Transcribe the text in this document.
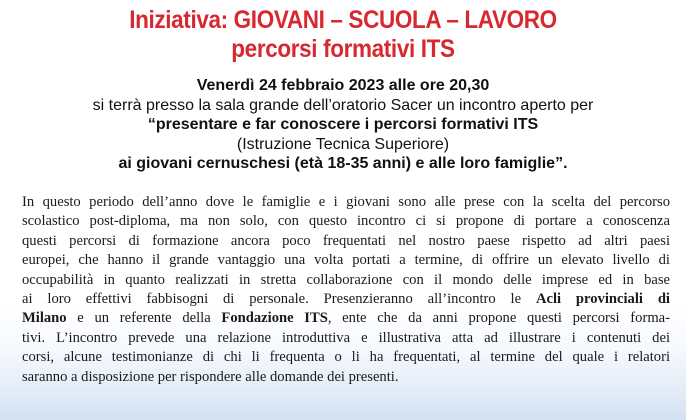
Iniziativa: GIOVANI – SCUOLA – LAVORO
percorsi formativi ITS
Venerdì 24 febbraio 2023 alle ore 20,30
si terrà presso la sala grande dell’oratorio Sacer un incontro aperto per
“presentare e far conoscere i percorsi formativi ITS
(Istruzione Tecnica Superiore)
ai giovani cernuschesi (età 18-35 anni) e alle loro famiglie”.

In questo periodo dell’anno dove le famiglie e i giovani sono alle prese con la scelta del percorso
scolastico post-diploma, ma non solo, con questo incontro ci si propone di portare a conoscenza
questi percorsi di formazione ancora poco frequentati nel nostro paese rispetto ad altri paesi
europei, che hanno il grande vantaggio una volta portati a termine, di offrire un elevato livello di
occupabilità in quanto realizzati in stretta collaborazione con il mondo delle imprese ed in base
ai loro effettivi fabbisogni di personale. Presenzieranno all’incontro le Acli provinciali di
Milano e un referente della Fondazione ITS, ente che da anni propone questi percorsi forma-
tivi. L’incontro prevede una relazione introduttiva e illustrativa atta ad illustrare i contenuti dei
corsi, alcune testimonianze di chi li frequenta o li ha frequentati, al termine del quale i relatori
saranno a disposizione per rispondere alle domande dei presenti.
